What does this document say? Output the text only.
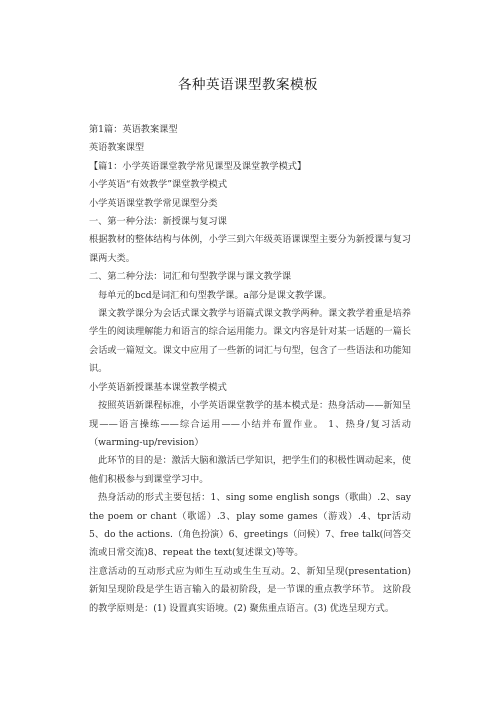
各种英语课型教案模板

第1篇：英语教案课型

英语教案课型

【篇1：小学英语课堂教学常见课型及课堂教学模式】

小学英语“有效教学”课堂教学模式

小学英语课堂教学常见课型分类

一、第一种分法：新授课与复习课

根据教材的整体结构与体例，小学三到六年级英语课课型主要分为新授课与复习课两大类。

二、第二种分法：词汇和句型教学课与课文教学课

每单元的bcd是词汇和句型教学课。a部分是课文教学课。

课文教学课分为会话式课文教学与语篇式课文教学两种。课文教学着重是培养学生的阅读理解能力和语言的综合运用能力。课文内容是针对某一话题的一篇长会话或一篇短文。课文中应用了一些新的词汇与句型，包含了一些语法和功能知识。

小学英语新授课基本课堂教学模式

按照英语新课程标准，小学英语课堂教学的基本模式是：热身活动——新知呈现——语言操练——综合运用——小结并布置作业。 1、热身/复习活动（warming-up/revision）

此环节的目的是：激活大脑和激活已学知识，把学生们的积极性调动起来，使他们积极参与到课堂学习中。

热身活动的形式主要包括：1、sing some english songs（歌曲）.2、say the poem or chant（歌谣）.3、play some games（游戏）.4、tpr活动 5、do the actions.（角色扮演）6、greetings（问候）7、free talk(问答交流或日常交流)8、repeat the text(复述课文)等等。

注意活动的互动形式应为师生互动或生生互动。2、新知呈现(presentation) 新知呈现阶段是学生语言输入的最初阶段，是一节课的重点教学环节。 这阶段的教学原则是：(1) 设置真实语境。(2) 聚焦重点语言。(3) 优选呈现方式。
